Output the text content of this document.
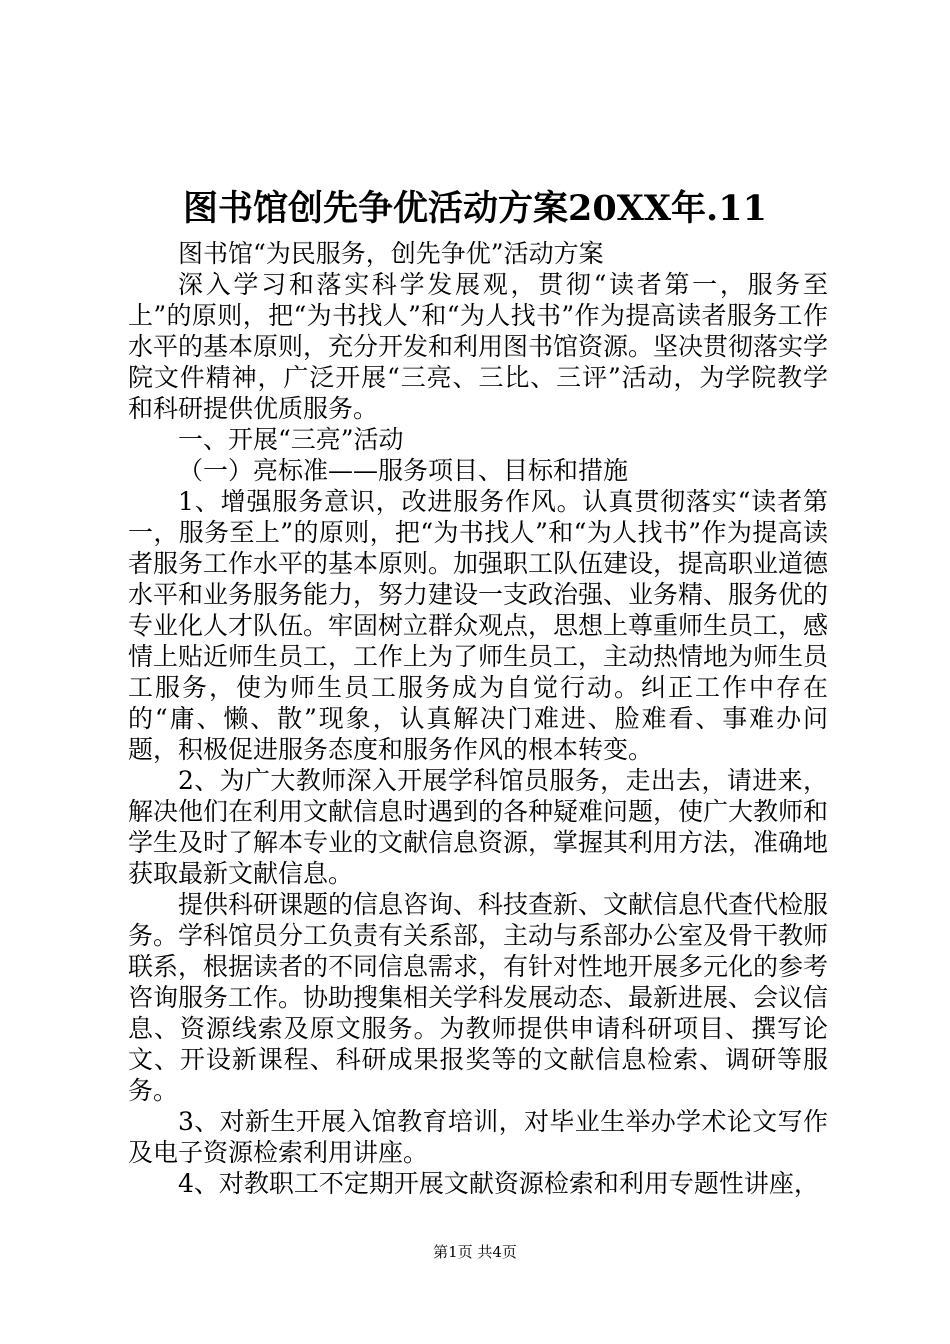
图书馆创先争优活动方案20XX年.11

图书馆“为民服务，创先争优”活动方案

深入学习和落实科学发展观，贯彻“读者第一，服务至上”的原则，把“为书找人”和“为人找书”作为提高读者服务工作水平的基本原则，充分开发和利用图书馆资源。坚决贯彻落实学院文件精神，广泛开展“三亮、三比、三评”活动，为学院教学和科研提供优质服务。

一、开展“三亮”活动

（一）亮标准——服务项目、目标和措施

1、增强服务意识，改进服务作风。认真贯彻落实“读者第一，服务至上”的原则，把“为书找人”和“为人找书”作为提高读者服务工作水平的基本原则。加强职工队伍建设，提高职业道德水平和业务服务能力，努力建设一支政治强、业务精、服务优的专业化人才队伍。牢固树立群众观点，思想上尊重师生员工，感情上贴近师生员工，工作上为了师生员工，主动热情地为师生员工服务，使为师生员工服务成为自觉行动。纠正工作中存在的“庸、懒、散”现象，认真解决门难进、脸难看、事难办问题，积极促进服务态度和服务作风的根本转变。

2、为广大教师深入开展学科馆员服务，走出去，请进来，解决他们在利用文献信息时遇到的各种疑难问题，使广大教师和学生及时了解本专业的文献信息资源，掌握其利用方法，准确地获取最新文献信息。

提供科研课题的信息咨询、科技查新、文献信息代查代检服务。学科馆员分工负责有关系部，主动与系部办公室及骨干教师联系，根据读者的不同信息需求，有针对性地开展多元化的参考咨询服务工作。协助搜集相关学科发展动态、最新进展、会议信息、资源线索及原文服务。为教师提供申请科研项目、撰写论文、开设新课程、科研成果报奖等的文献信息检索、调研等服务。

3、对新生开展入馆教育培训，对毕业生举办学术论文写作及电子资源检索利用讲座。

4、对教职工不定期开展文献资源检索和利用专题性讲座，

第1页 共4页
